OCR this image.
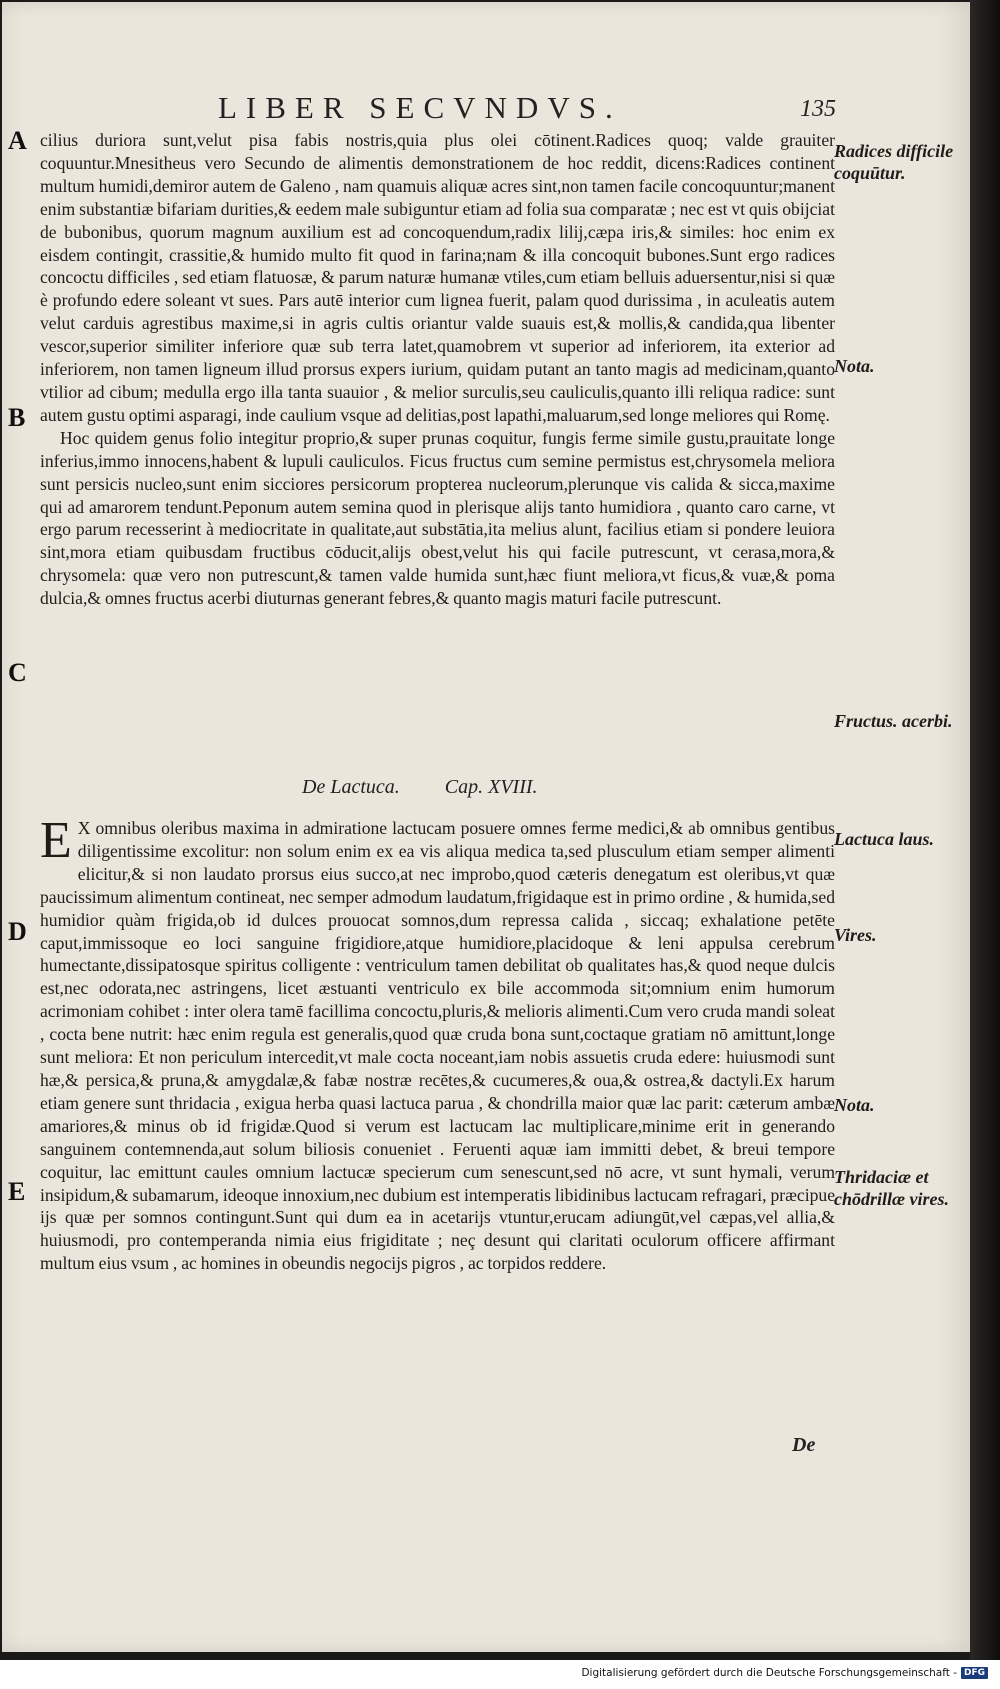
LIBER SECVNDVS.	135
A
B
C
D
E

cilius duriora sunt,velut pisa fabis nostris,quia plus olei cōtinent.Radices quoq; valde grauiter coquuntur.Mnesitheus vero Secundo de alimentis demonstrationem de hoc reddit, dicens:Radices continent multum humidi,demiror autem de Galeno , nam quamuis aliquæ acres sint,non tamen facile concoquuntur;manent enim substantiæ bifariam durities,& eedem male subiguntur etiam ad folia sua comparatæ ; nec est vt quis obijciat de bubonibus, quorum magnum auxilium est ad concoquendum,radix lilij,cæpa iris,& similes: hoc enim ex eisdem contingit, crassitie,& humido multo fit quod in farina;nam & illa concoquit bubones.Sunt ergo radices concoctu difficiles , sed etiam flatuosæ, & parum naturæ humanæ vtiles,cum etiam belluis aduersentur,nisi si quæ è profundo edere soleant vt sues. Pars autē interior cum lignea fuerit, palam quod durissima , in aculeatis autem velut carduis agrestibus maxime,si in agris cultis oriantur valde suauis est,& mollis,& candida,qua libenter vescor,superior similiter inferiore quæ sub terra latet,quamobrem vt superior ad inferiorem, ita exterior ad inferiorem, non tamen ligneum illud prorsus expers iurium, quidam putant an tanto magis ad medicinam,quanto vtilior ad cibum; medulla ergo illa tanta suauior , & melior surculis,seu cauliculis,quanto illi reliqua radice: sunt autem gustu optimi asparagi, inde caulium vsque ad delitias,post lapathi,maluarum,sed longe meliores qui Romę.

Hoc quidem genus folio integitur proprio,& super prunas coquitur, fungis ferme simile gustu,prauitate longe inferius,immo innocens,habent & lupuli cauliculos. Ficus fructus cum semine permistus est,chrysomela meliora sunt persicis nucleo,sunt enim sicciores persicorum propterea nucleorum,plerunque vis calida & sicca,maxime qui ad amarorem tendunt.Peponum autem semina quod in plerisque alijs tanto humidiora , quanto caro carne, vt ergo parum recesserint à mediocritate in qualitate,aut substātia,ita melius alunt, facilius etiam si pondere leuiora sint,mora etiam quibusdam fructibus cōducit,alijs obest,velut his qui facile putrescunt, vt cerasa,mora,& chrysomela: quæ vero non putrescunt,& tamen valde humida sunt,hæc fiunt meliora,vt ficus,& vuæ,& poma dulcia,& omnes fructus acerbi diuturnas generant febres,& quanto magis maturi facile putrescunt.

De Lactuca. Cap. XVIII.

E X omnibus oleribus maxima in admiratione lactucam posuere omnes ferme medici,& ab omnibus gentibus diligentissime excolitur: non solum enim ex ea vis aliqua medica ta,sed plusculum etiam semper alimenti elicitur,& si non laudato prorsus eius succo,at nec improbo,quod cæteris denegatum est oleribus,vt quæ paucissimum alimentum contineat, nec semper admodum laudatum,frigidaque est in primo ordine , & humida,sed humidior quàm frigida,ob id dulces prouocat somnos,dum repressa calida , siccaq; exhalatione petēte caput,immissoque eo loci sanguine frigidiore,atque humidiore,placidoque & leni appulsa cerebrum humectante,dissipatosque spiritus colligente : ventriculum tamen debilitat ob qualitates has,& quod neque dulcis est,nec odorata,nec astringens, licet æstuanti ventriculo ex bile accommoda sit;omnium enim humorum acrimoniam cohibet : inter olera tamē facillima concoctu,pluris,& melioris alimenti.Cum vero cruda mandi soleat , cocta bene nutrit: hæc enim regula est generalis,quod quæ cruda bona sunt,coctaque gratiam nō amittunt,longe sunt meliora: Et non periculum intercedit,vt male cocta noceant,iam nobis assuetis cruda edere: huiusmodi sunt hæ,& persica,& pruna,& amygdalæ,& fabæ nostræ recētes,& cucumeres,& oua,& ostrea,& dactyli.Ex harum etiam genere sunt thridacia , exigua herba quasi lactuca parua , & chondrilla maior quæ lac parit: cæterum ambæ amariores,& minus ob id frigidæ.Quod si verum est lactucam lac multiplicare,minime erit in generando sanguinem contemnenda,aut solum biliosis conueniet . Feruenti aquæ iam immitti debet, & breui tempore coquitur, lac emittunt caules omnium lactucæ specierum cum senescunt,sed nō acre, vt sunt hymali, verum insipidum,& subamarum, ideoque innoxium,nec dubium est intemperatis libidinibus lactucam refragari, præcipue ijs quæ per somnos contingunt.Sunt qui dum ea in acetarijs vtuntur,erucam adiungūt,vel cæpas,vel allia,& huiusmodi, pro contemperanda nimia eius frigiditate ; neç desunt qui claritati oculorum officere affirmant multum eius vsum , ac homines in obeundis negocijs pigros , ac torpidos reddere.

Radices difficile coquūtur.
Nota.
Fructus. acerbi.
Lactuca laus.
Vires.
Nota.
Thridaciæ et chōdrillæ vires.
De
Digitalisierung gefördert durch die Deutsche Forschungsgemeinschaft - DFG
